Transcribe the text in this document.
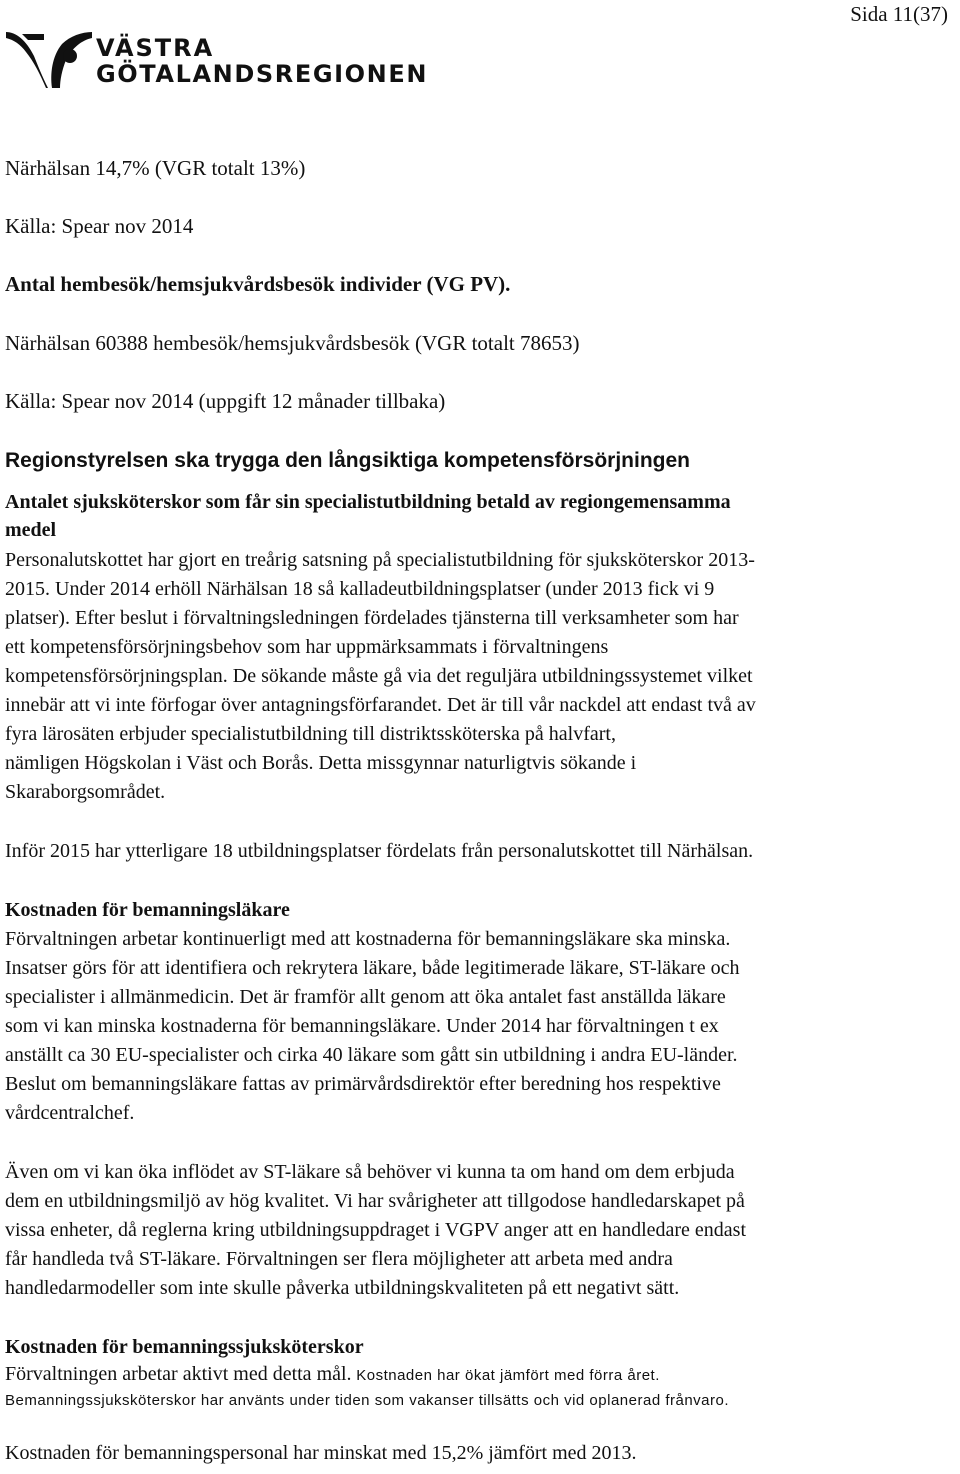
Sida 11(37)
VÄSTRA
GÖTALANDSREGIONEN
Närhälsan 14,7% (VGR totalt 13%)
Källa: Spear nov 2014
Antal hembesök/hemsjukvårdsbesök individer (VG PV).
Närhälsan 60388 hembesök/hemsjukvårdsbesök (VGR totalt 78653)
Källa: Spear nov 2014 (uppgift 12 månader tillbaka)
Regionstyrelsen ska trygga den långsiktiga kompetensförsörjningen
Antalet sjuksköterskor som får sin specialistutbildning betald av regiongemensamma
medel
Personalutskottet har gjort en treårig satsning på specialistutbildning för sjuksköterskor 2013-
2015. Under 2014 erhöll Närhälsan 18 så kalladeutbildningsplatser (under 2013 fick vi 9
platser). Efter beslut i förvaltningsledningen fördelades tjänsterna till verksamheter som har
ett kompetensförsörjningsbehov som har uppmärksammats i förvaltningens
kompetensförsörjningsplan. De sökande måste gå via det reguljära utbildningssystemet vilket
innebär att vi inte förfogar över antagningsförfarandet. Det är till vår nackdel att endast två av
fyra lärosäten erbjuder specialistutbildning till distriktssköterska på halvfart,
nämligen Högskolan i Väst och Borås. Detta missgynnar naturligtvis sökande i
Skaraborgsområdet.
Inför 2015 har ytterligare 18 utbildningsplatser fördelats från personalutskottet till Närhälsan.
Kostnaden för bemanningsläkare
Förvaltningen arbetar kontinuerligt med att kostnaderna för bemanningsläkare ska minska.
Insatser görs för att identifiera och rekrytera läkare, både legitimerade läkare, ST-läkare och
specialister i allmänmedicin. Det är framför allt genom att öka antalet fast anställda läkare
som vi kan minska kostnaderna för bemanningsläkare. Under 2014 har förvaltningen t ex
anställt ca 30 EU-specialister och cirka 40 läkare som gått sin utbildning i andra EU-länder.
Beslut om bemanningsläkare fattas av primärvårdsdirektör efter beredning hos respektive
vårdcentralchef.
Även om vi kan öka inflödet av ST-läkare så behöver vi kunna ta om hand om dem erbjuda
dem en utbildningsmiljö av hög kvalitet. Vi har svårigheter att tillgodose handledarskapet på
vissa enheter, då reglerna kring utbildningsuppdraget i VGPV anger att en handledare endast
får handleda två ST-läkare. Förvaltningen ser flera möjligheter att arbeta med andra
handledarmodeller som inte skulle påverka utbildningskvaliteten på ett negativt sätt.
Kostnaden för bemanningssjuksköterskor
Förvaltningen arbetar aktivt med detta mål. Kostnaden har ökat jämfört med förra året.
Bemanningssjuksköterskor har använts under tiden som vakanser tillsätts och vid oplanerad frånvaro.
Kostnaden för bemanningspersonal har minskat med 15,2% jämfört med 2013.
